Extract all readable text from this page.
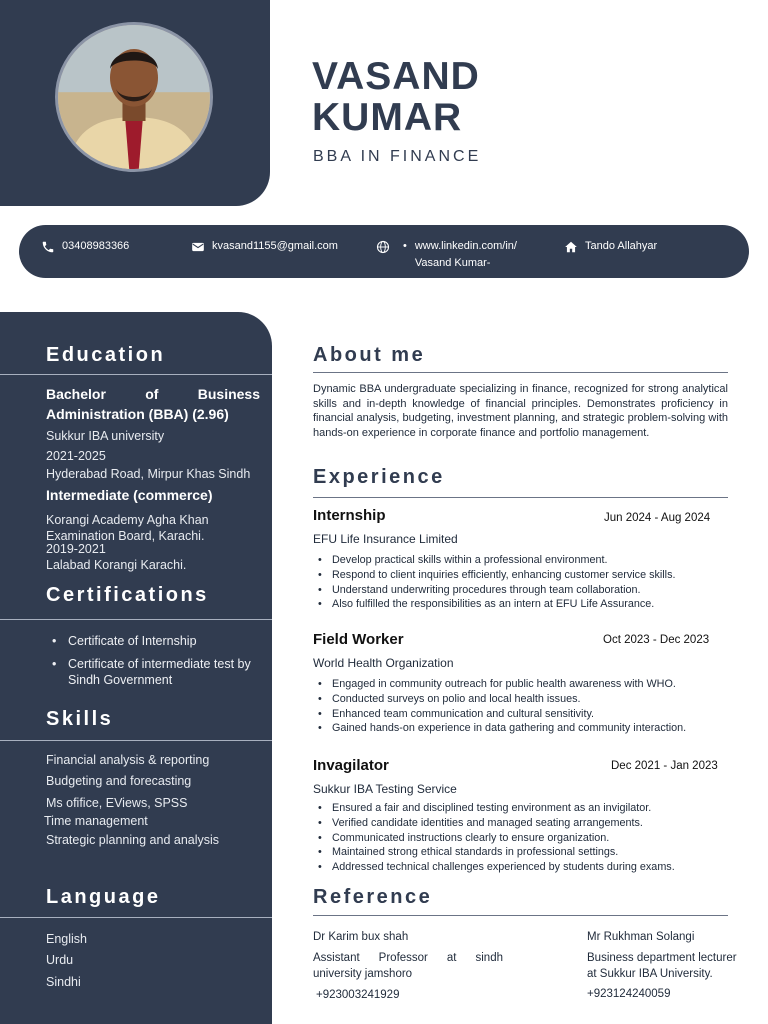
VASAND
KUMAR
BBA IN FINANCE
03408983366	kvasand1155@gmail.com	• www.linkedin.com/in/
Vasand Kumar-
Tando Allahyar
Education
Bachelor of Business Administration (BBA) (2.96)
Sukkur IBA university
2021-2025
Hyderabad Road, Mirpur Khas Sindh
Intermediate (commerce)
Korangi Academy Agha Khan
Examination Board, Karachi.
2019-2021
Lalabad Korangi Karachi.
Certifications
• Certificate of Internship
• Certificate of intermediate test by Sindh Government
Skills
Financial analysis & reporting
Budgeting and forecasting
Ms ofifice, EViews, SPSS
Time management
Strategic planning and analysis
Language
English
Urdu
Sindhi
About me
Dynamic BBA undergraduate specializing in finance, recognized for strong analytical skills and in-depth knowledge of financial principles. Demonstrates proficiency in financial analysis, budgeting, investment planning, and strategic problem-solving with hands-on experience in corporate finance and portfolio management.
Experience
Internship	Jun 2024 - Aug 2024
EFU Life Insurance Limited
• Develop practical skills within a professional environment.
• Respond to client inquiries efficiently, enhancing customer service skills.
• Understand underwriting procedures through team collaboration.
• Also fulfilled the responsibilities as an intern at EFU Life Assurance.
Field Worker	Oct 2023 - Dec 2023
World Health Organization
• Engaged in community outreach for public health awareness with WHO.
• Conducted surveys on polio and local health issues.
• Enhanced team communication and cultural sensitivity.
• Gained hands-on experience in data gathering and community interaction.
Invagilator	Dec 2021 - Jan 2023
Sukkur IBA Testing Service
• Ensured a fair and disciplined testing environment as an invigilator.
• Verified candidate identities and managed seating arrangements.
• Communicated instructions clearly to ensure organization.
• Maintained strong ethical standards in professional settings.
• Addressed technical challenges experienced by students during exams.
Reference
Dr Karim bux shah
Assistant Professor at sindh university jamshoro
+923003241929
Mr Rukhman Solangi
Business department lecturer
at Sukkur IBA University.
+923124240059
